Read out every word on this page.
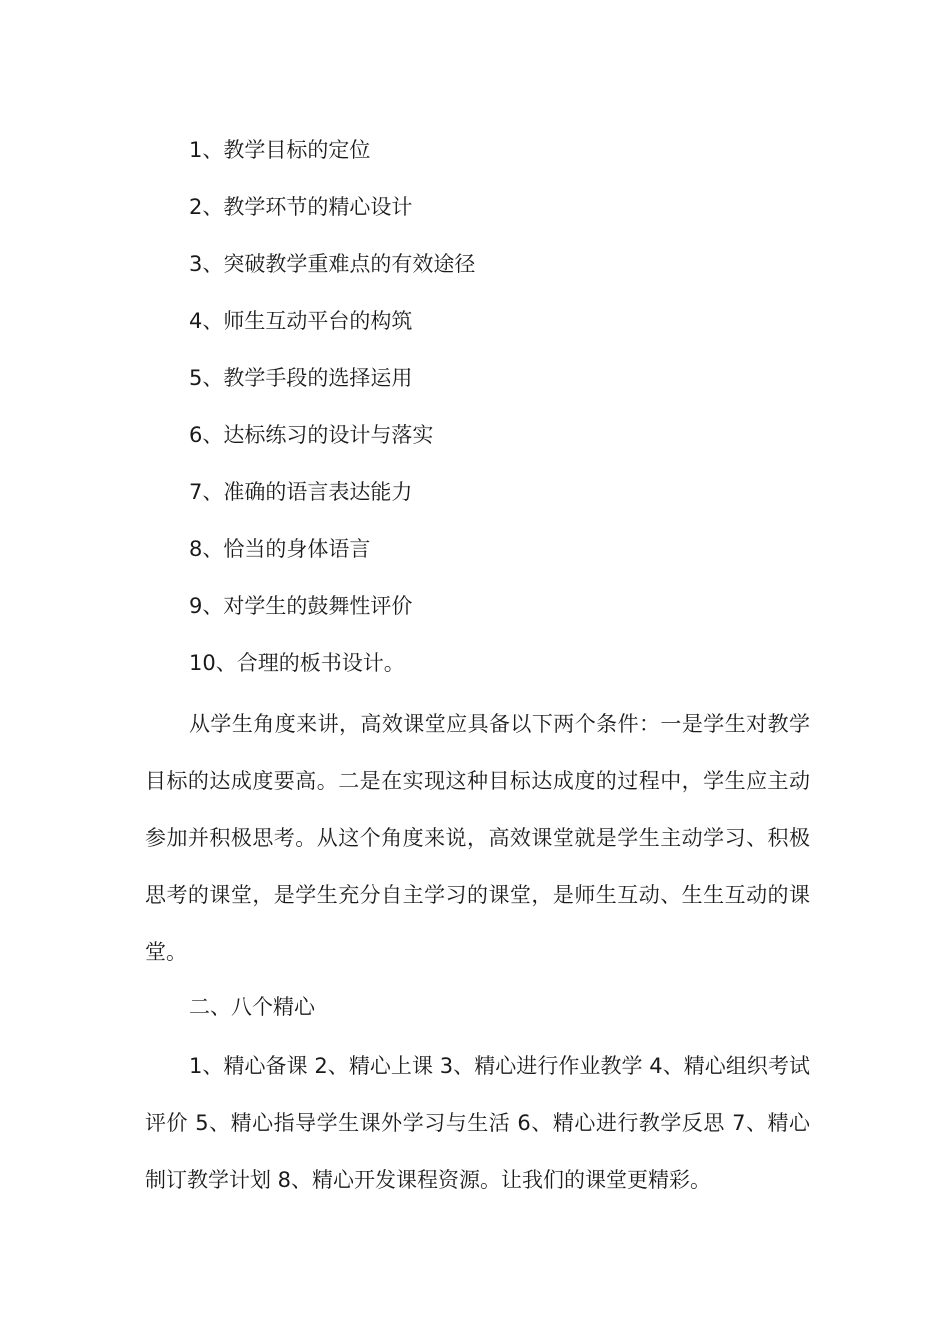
1、教学目标的定位
2、教学环节的精心设计
3、突破教学重难点的有效途径
4、师生互动平台的构筑
5、教学手段的选择运用
6、达标练习的设计与落实
7、准确的语言表达能力
8、恰当的身体语言
9、对学生的鼓舞性评价
10、合理的板书设计。

从学生角度来讲，高效课堂应具备以下两个条件：一是学生对教学目标的达成度要高。二是在实现这种目标达成度的过程中，学生应主动参加并积极思考。从这个角度来说，高效课堂就是学生主动学习、积极思考的课堂，是学生充分自主学习的课堂，是师生互动、生生互动的课堂。

二、八个精心

1、精心备课 2、精心上课 3、精心进行作业教学 4、精心组织考试评价 5、精心指导学生课外学习与生活 6、精心进行教学反思 7、精心制订教学计划 8、精心开发课程资源。让我们的课堂更精彩。
